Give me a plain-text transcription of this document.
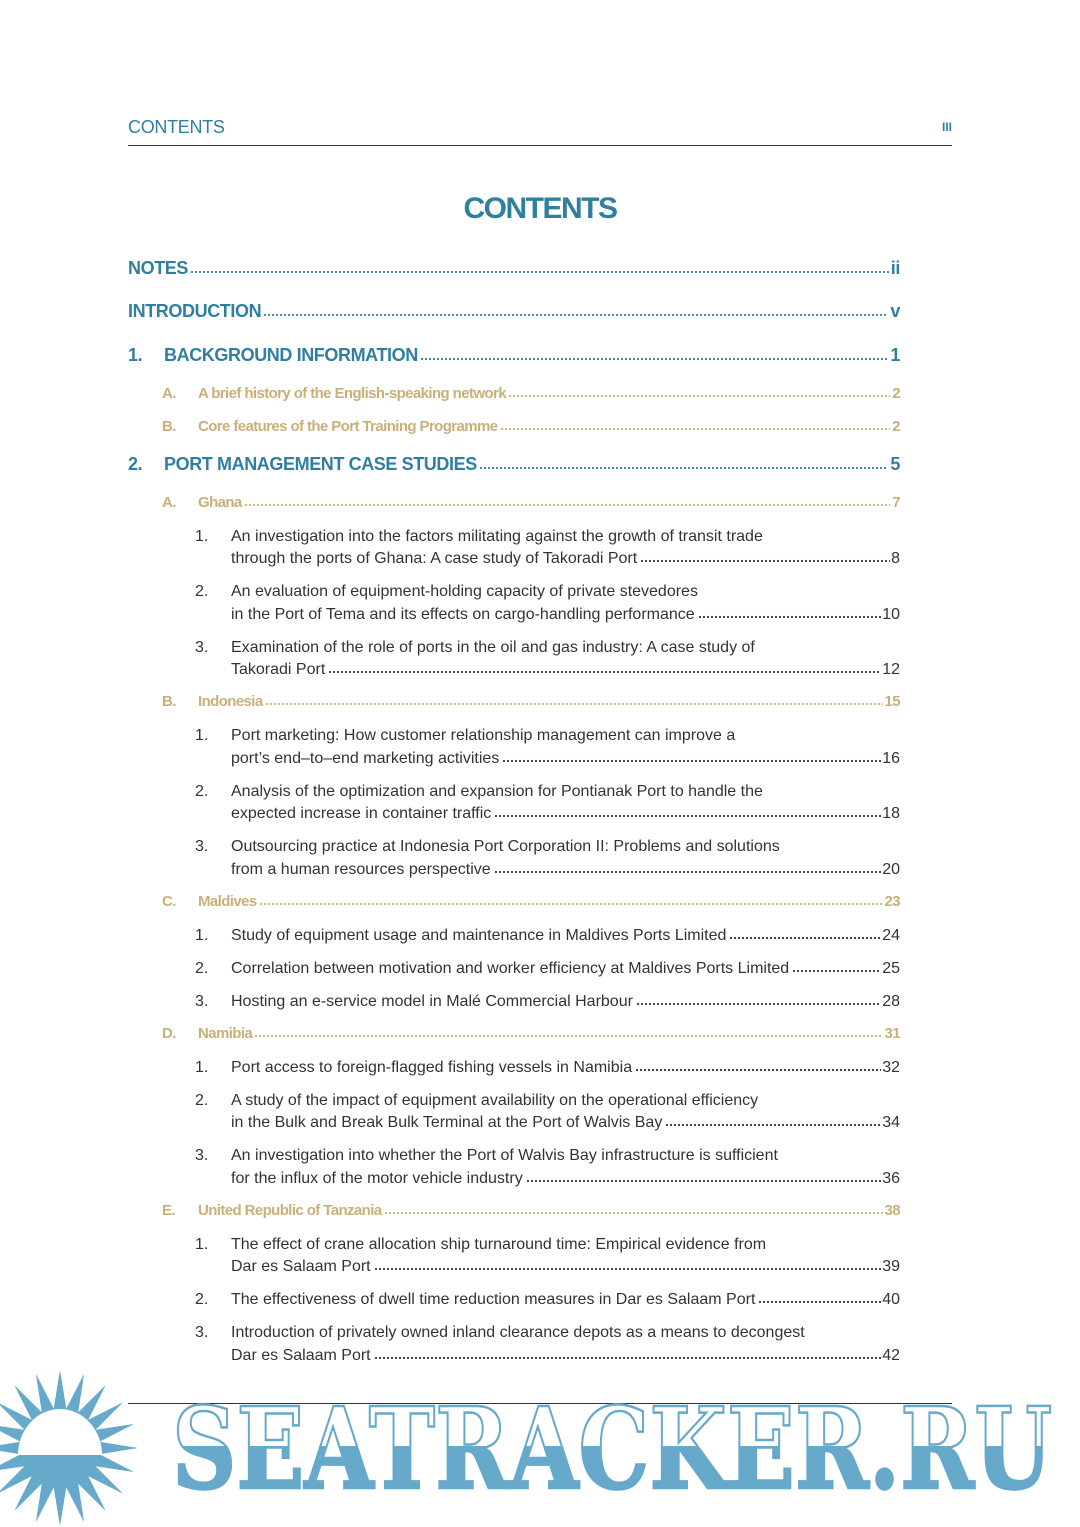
CONTENTS	III
CONTENTS
NOTES	ii
INTRODUCTION	v
1.	BACKGROUND INFORMATION	1
A.	A brief history of the English-speaking network	2
B.	Core features of the Port Training Programme	2
2.	PORT MANAGEMENT CASE STUDIES	5
A.	Ghana	7
1.	An investigation into the factors militating against the growth of transit trade
through the ports of Ghana: A case study of Takoradi Port	8
2.	An evaluation of equipment-holding capacity of private stevedores
in the Port of Tema and its effects on cargo-handling performance	10
3.	Examination of the role of ports in the oil and gas industry: A case study of
Takoradi Port	12
B.	Indonesia	15
1.	Port marketing: How customer relationship management can improve a
port’s end–to–end marketing activities	16
2.	Analysis of the optimization and expansion for Pontianak Port to handle the
expected increase in container traffic	18
3.	Outsourcing practice at Indonesia Port Corporation II: Problems and solutions
from a human resources perspective	20
C.	Maldives	23
1.	Study of equipment usage and maintenance in Maldives Ports Limited	24
2.	Correlation between motivation and worker efficiency at Maldives Ports Limited	25
3.	Hosting an e-service model in Malé Commercial Harbour	28
D.	Namibia	31
1.	Port access to foreign-flagged fishing vessels in Namibia	32
2.	A study of the impact of equipment availability on the operational efficiency
in the Bulk and Break Bulk Terminal at the Port of Walvis Bay	34
3.	An investigation into whether the Port of Walvis Bay infrastructure is sufficient
for the influx of the motor vehicle industry	36
E.	United Republic of Tanzania	38
1.	The effect of crane allocation ship turnaround time: Empirical evidence from
Dar es Salaam Port	39
2.	The effectiveness of dwell time reduction measures in Dar es Salaam Port	40
3.	Introduction of privately owned inland clearance depots as a means to decongest
Dar es Salaam Port	42
SEATRACKER.RU
